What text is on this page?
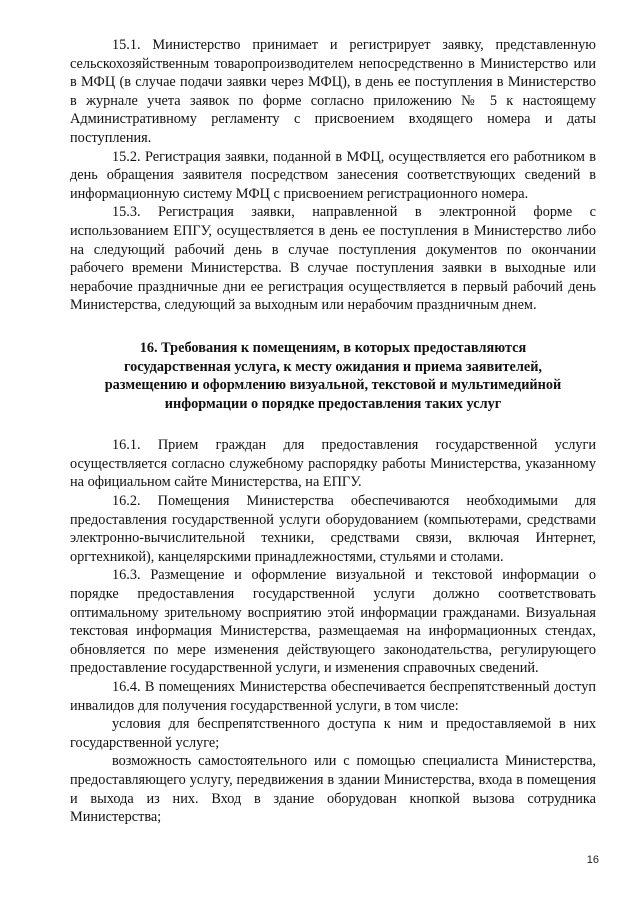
15.1. Министерство принимает и регистрирует заявку, представленную сельскохозяйственным товаропроизводителем непосредственно в Министерство или в МФЦ (в случае подачи заявки через МФЦ), в день ее поступления в Министерство в журнале учета заявок по форме согласно приложению № 5 к настоящему Административному регламенту с присвоением входящего номера и даты поступления.

15.2. Регистрация заявки, поданной в МФЦ, осуществляется его работником в день обращения заявителя посредством занесения соответствующих сведений в информационную систему МФЦ с присвоением регистрационного номера.

15.3. Регистрация заявки, направленной в электронной форме с использованием ЕПГУ, осуществляется в день ее поступления в Министерство либо на следующий рабочий день в случае поступления документов по окончании рабочего времени Министерства. В случае поступления заявки в выходные или нерабочие праздничные дни ее регистрация осуществляется в первый рабочий день Министерства, следующий за выходным или нерабочим праздничным днем.

16. Требования к помещениям, в которых предоставляются государственная услуга, к месту ожидания и приема заявителей, размещению и оформлению визуальной, текстовой и мультимедийной информации о порядке предоставления таких услуг

16.1. Прием граждан для предоставления государственной услуги осуществляется согласно служебному распорядку работы Министерства, указанному на официальном сайте Министерства, на ЕПГУ.

16.2. Помещения Министерства обеспечиваются необходимыми для предоставления государственной услуги оборудованием (компьютерами, средствами электронно-вычислительной техники, средствами связи, включая Интернет, оргтехникой), канцелярскими принадлежностями, стульями и столами.

16.3. Размещение и оформление визуальной и текстовой информации о порядке предоставления государственной услуги должно соответствовать оптимальному зрительному восприятию этой информации гражданами. Визуальная текстовая информация Министерства, размещаемая на информационных стендах, обновляется по мере изменения действующего законодательства, регулирующего предоставление государственной услуги, и изменения справочных сведений.

16.4. В помещениях Министерства обеспечивается беспрепятственный доступ инвалидов для получения государственной услуги, в том числе:

условия для беспрепятственного доступа к ним и предоставляемой в них государственной услуге;

возможность самостоятельного или с помощью специалиста Министерства, предоставляющего услугу, передвижения в здании Министерства, входа в помещения и выхода из них. Вход в здание оборудован кнопкой вызова сотрудника Министерства;

16
